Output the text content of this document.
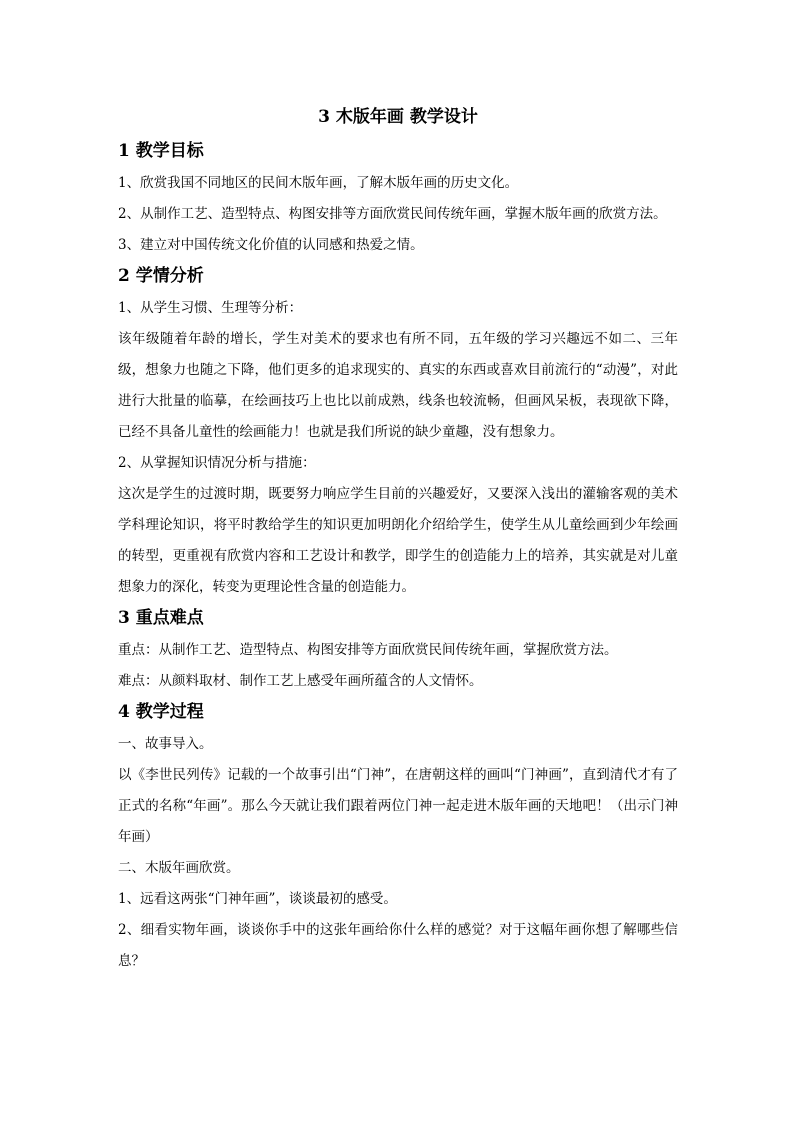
3 木版年画 教学设计
1 教学目标

1、欣赏我国不同地区的民间木版年画，了解木版年画的历史文化。

2、从制作工艺、造型特点、构图安排等方面欣赏民间传统年画，掌握木版年画的欣赏方法。

3、建立对中国传统文化价值的认同感和热爱之情。

2 学情分析

1、从学生习惯、生理等分析：

该年级随着年龄的增长，学生对美术的要求也有所不同，五年级的学习兴趣远不如二、三年级，想象力也随之下降，他们更多的追求现实的、真实的东西或喜欢目前流行的“动漫”，对此进行大批量的临摹，在绘画技巧上也比以前成熟，线条也较流畅，但画风呆板，表现欲下降，已经不具备儿童性的绘画能力！也就是我们所说的缺少童趣，没有想象力。

2、从掌握知识情况分析与措施：

这次是学生的过渡时期，既要努力响应学生目前的兴趣爱好，又要深入浅出的灌输客观的美术学科理论知识，将平时教给学生的知识更加明朗化介绍给学生，使学生从儿童绘画到少年绘画的转型，更重视有欣赏内容和工艺设计和教学，即学生的创造能力上的培养，其实就是对儿童想象力的深化，转变为更理论性含量的创造能力。

3 重点难点

重点：从制作工艺、造型特点、构图安排等方面欣赏民间传统年画，掌握欣赏方法。

难点：从颜料取材、制作工艺上感受年画所蕴含的人文情怀。

4 教学过程

一、故事导入。

以《李世民列传》记载的一个故事引出“门神”，在唐朝这样的画叫“门神画”，直到清代才有了正式的名称“年画”。那么今天就让我们跟着两位门神一起走进木版年画的天地吧！（出示门神年画）

二、木版年画欣赏。

1、远看这两张“门神年画”，谈谈最初的感受。

2、细看实物年画，谈谈你手中的这张年画给你什么样的感觉？对于这幅年画你想了解哪些信息？
